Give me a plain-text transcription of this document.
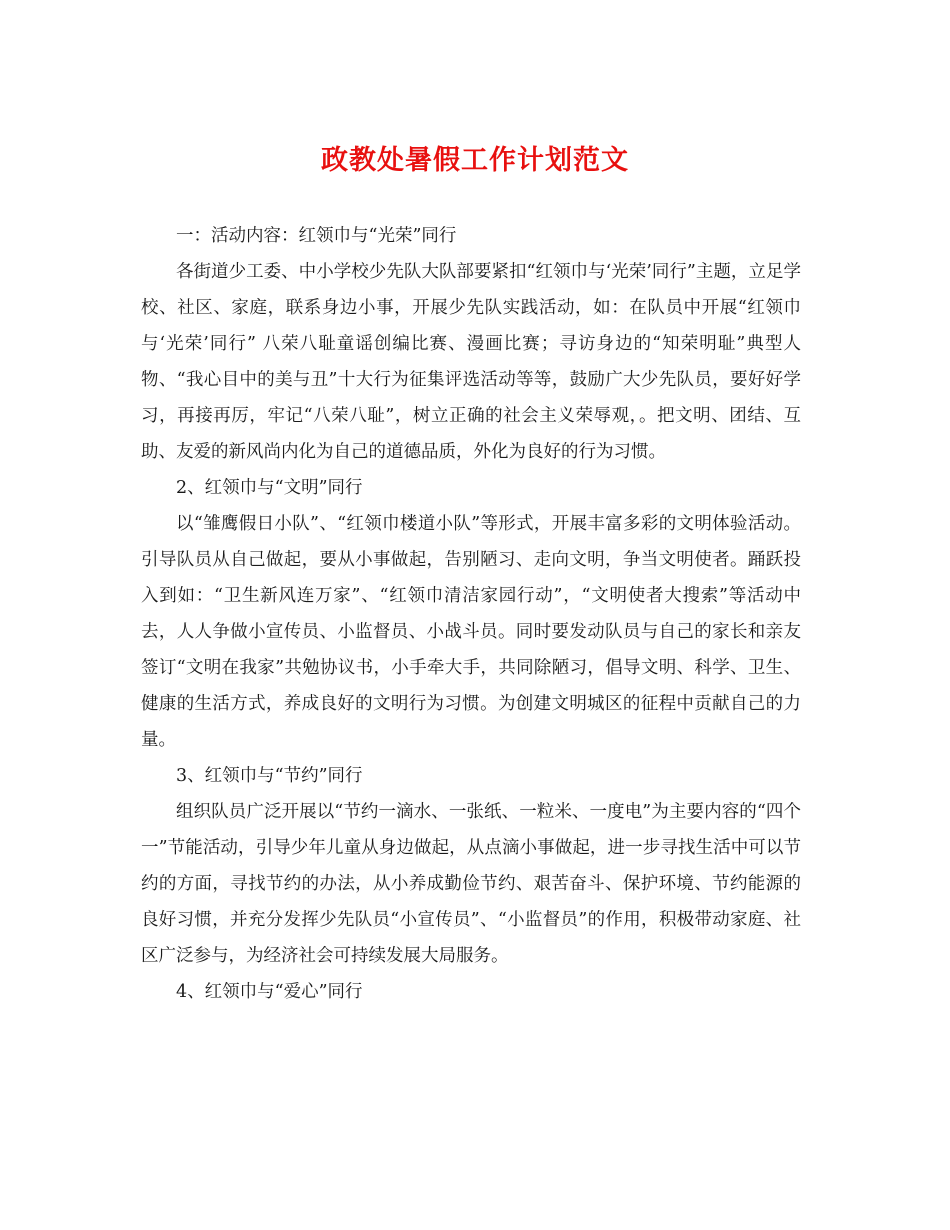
政教处暑假工作计划范文

一：活动内容：红领巾与“光荣”同行

各街道少工委、中小学校少先队大队部要紧扣“红领巾与‘光荣’同行”主题，立足学校、社区、家庭，联系身边小事，开展少先队实践活动，如：在队员中开展“红领巾与‘光荣’同行” 八荣八耻童谣创编比赛、漫画比赛；寻访身边的“知荣明耻”典型人物、“我心目中的美与丑”十大行为征集评选活动等等，鼓励广大少先队员，要好好学习，再接再厉，牢记“八荣八耻”，树立正确的社会主义荣辱观，。把文明、团结、互助、友爱的新风尚内化为自己的道德品质，外化为良好的行为习惯。

2、红领巾与“文明”同行

以“雏鹰假日小队”、“红领巾楼道小队”等形式，开展丰富多彩的文明体验活动。引导队员从自己做起，要从小事做起，告别陋习、走向文明，争当文明使者。踊跃投入到如：“卫生新风连万家”、“红领巾清洁家园行动”，“文明使者大搜索”等活动中去，人人争做小宣传员、小监督员、小战斗员。同时要发动队员与自己的家长和亲友签订“文明在我家”共勉协议书，小手牵大手，共同除陋习，倡导文明、科学、卫生、健康的生活方式，养成良好的文明行为习惯。为创建文明城区的征程中贡献自己的力量。

3、红领巾与“节约”同行

组织队员广泛开展以“节约一滴水、一张纸、一粒米、一度电”为主要内容的“四个一”节能活动，引导少年儿童从身边做起，从点滴小事做起，进一步寻找生活中可以节约的方面，寻找节约的办法，从小养成勤俭节约、艰苦奋斗、保护环境、节约能源的良好习惯，并充分发挥少先队员“小宣传员”、“小监督员”的作用，积极带动家庭、社区广泛参与，为经济社会可持续发展大局服务。

4、红领巾与“爱心”同行
